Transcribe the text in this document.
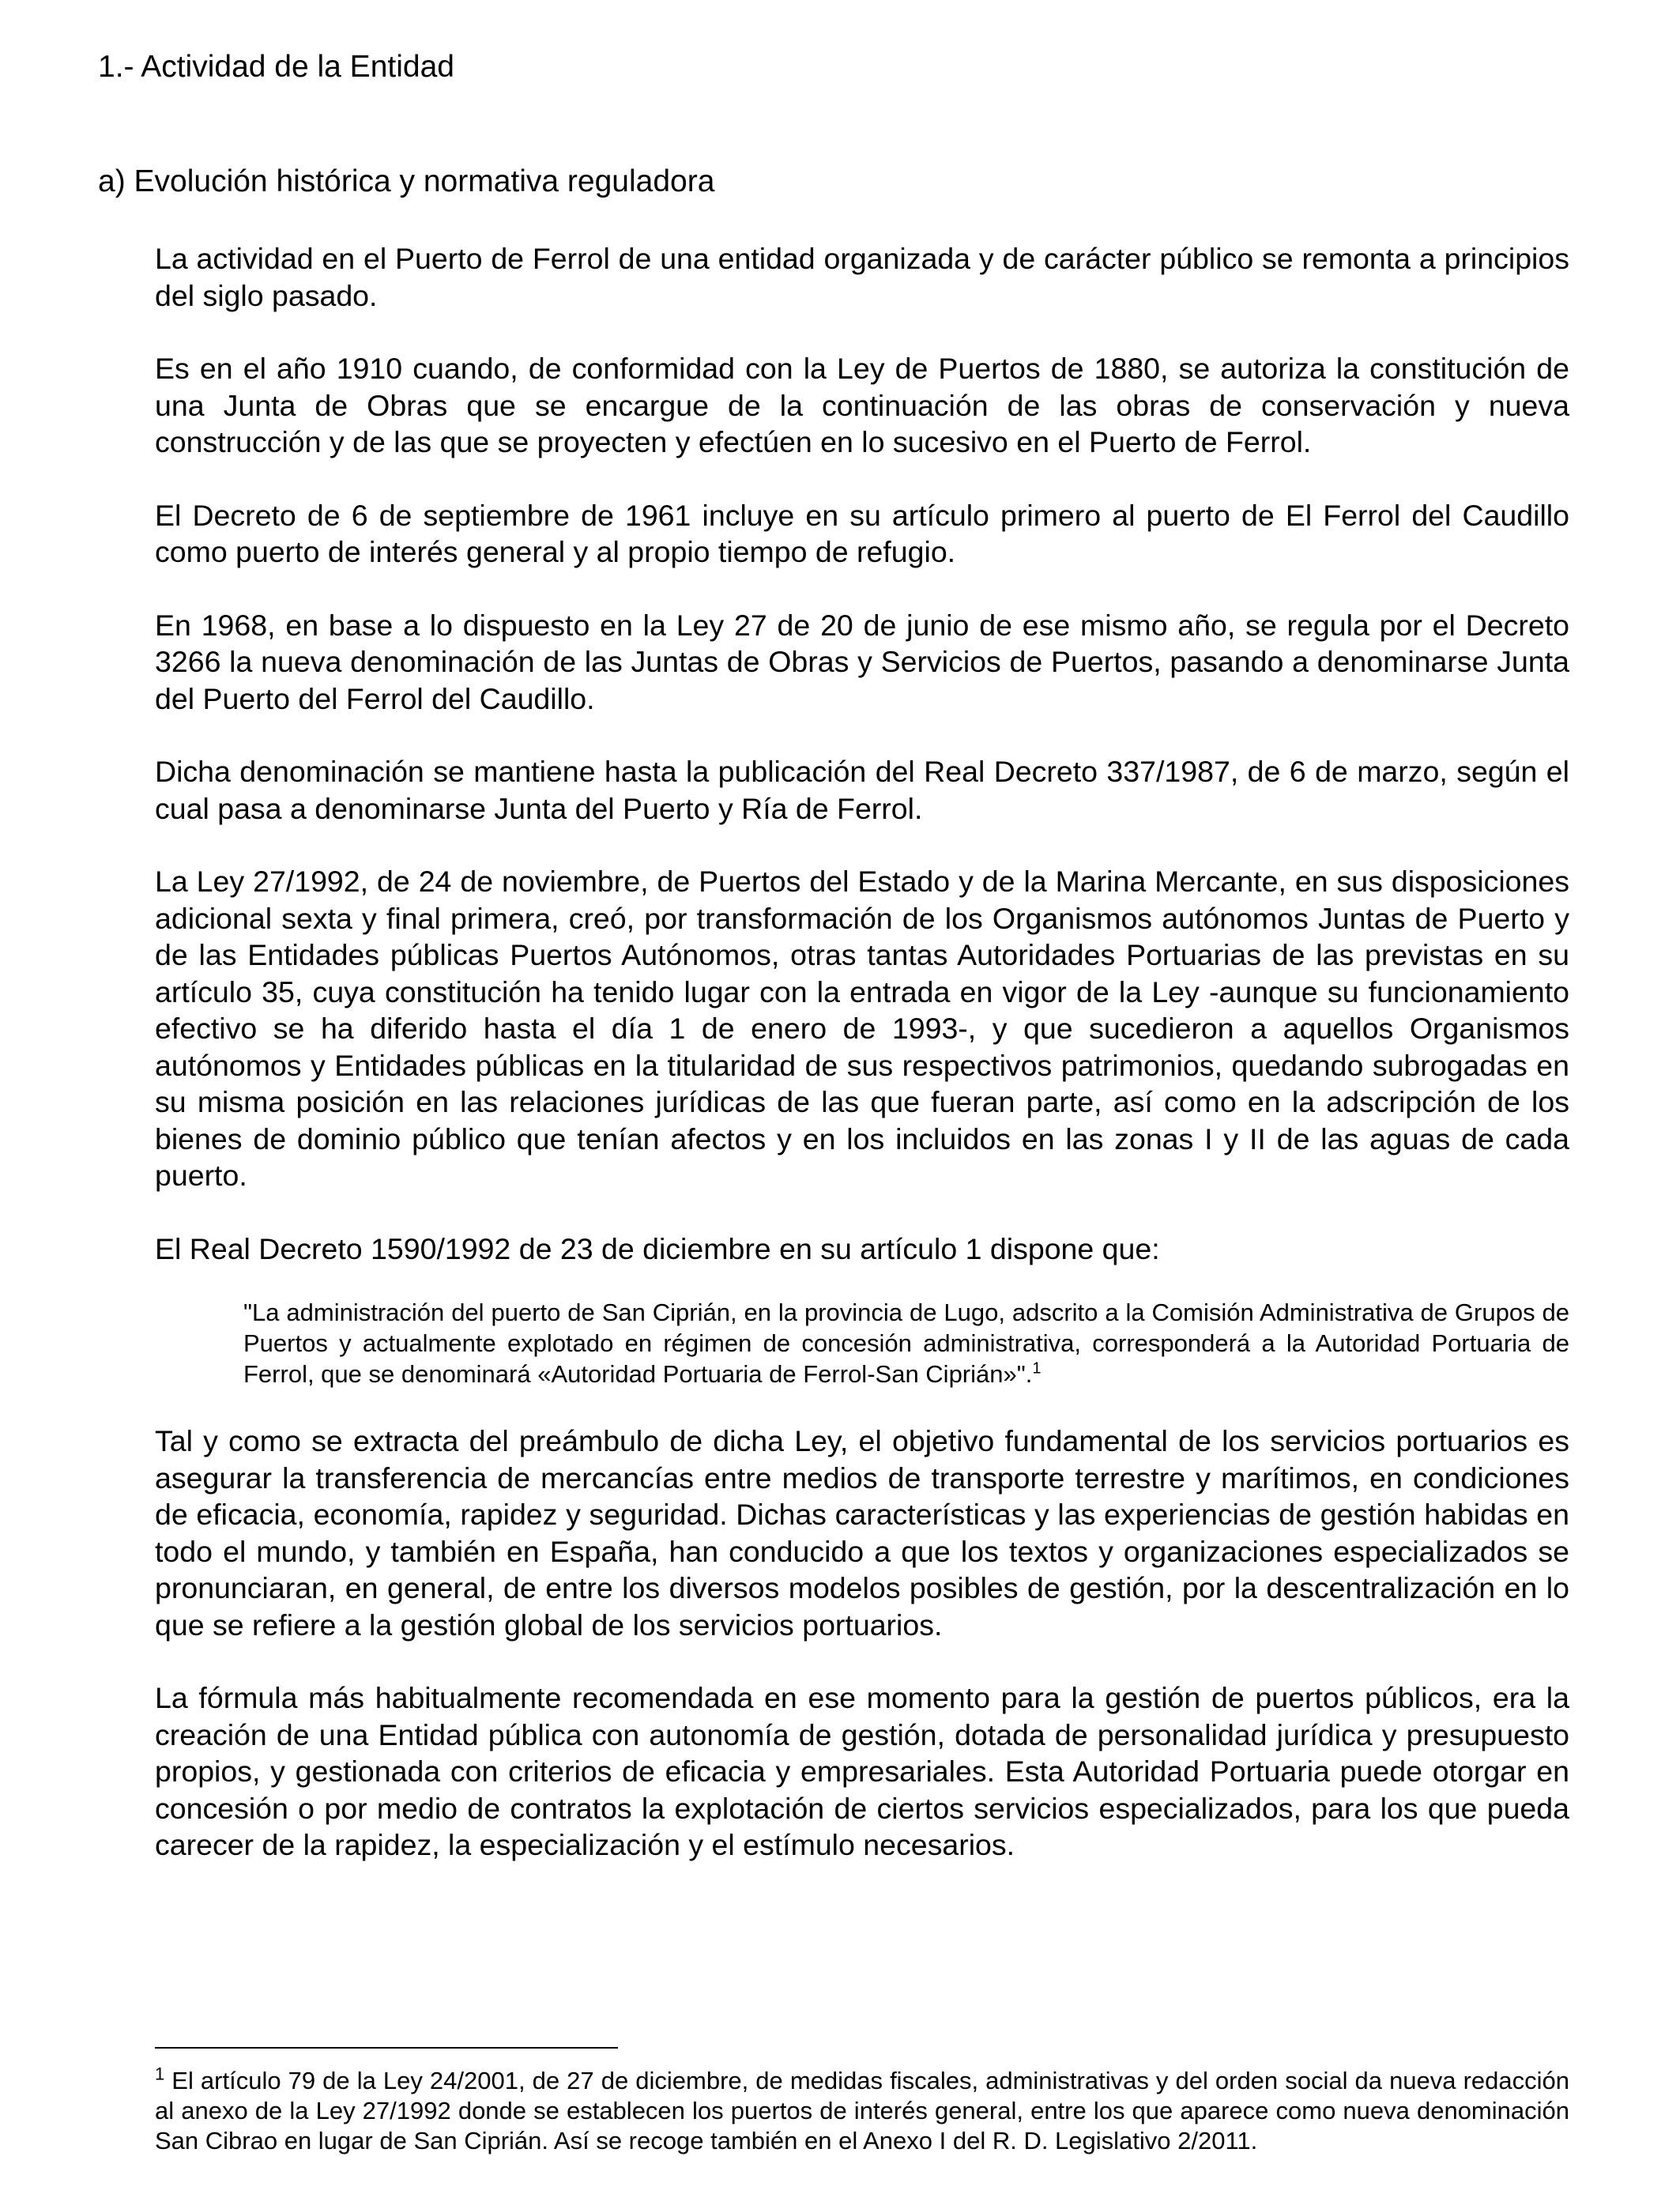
1.- Actividad de la Entidad
a) Evolución histórica y normativa reguladora

La actividad en el Puerto de Ferrol de una entidad organizada y de carácter público se remonta a principios del siglo pasado.

Es en el año 1910 cuando, de conformidad con la Ley de Puertos de 1880, se autoriza la constitución de una Junta de Obras que se encargue de la continuación de las obras de conservación y nueva construcción y de las que se proyecten y efectúen en lo sucesivo en el Puerto de Ferrol.

El Decreto de 6 de septiembre de 1961 incluye en su artículo primero al puerto de El Ferrol del Caudillo como puerto de interés general y al propio tiempo de refugio.

En 1968, en base a lo dispuesto en la Ley 27 de 20 de junio de ese mismo año, se regula por el Decreto 3266 la nueva denominación de las Juntas de Obras y Servicios de Puertos, pasando a denominarse Junta del Puerto del Ferrol del Caudillo.

Dicha denominación se mantiene hasta la publicación del Real Decreto 337/1987, de 6 de marzo, según el cual pasa a denominarse Junta del Puerto y Ría de Ferrol.

La Ley 27/1992, de 24 de noviembre, de Puertos del Estado y de la Marina Mercante, en sus disposiciones adicional sexta y final primera, creó, por transformación de los Organismos autónomos Juntas de Puerto y de las Entidades públicas Puertos Autónomos, otras tantas Autoridades Portuarias de las previstas en su artículo 35, cuya constitución ha tenido lugar con la entrada en vigor de la Ley -aunque su funcionamiento efectivo se ha diferido hasta el día 1 de enero de 1993-, y que sucedieron a aquellos Organismos autónomos y Entidades públicas en la titularidad de sus respectivos patrimonios, quedando subrogadas en su misma posición en las relaciones jurídicas de las que fueran parte, así como en la adscripción de los bienes de dominio público que tenían afectos y en los incluidos en las zonas I y II de las aguas de cada puerto.

El Real Decreto 1590/1992 de 23 de diciembre en su artículo 1 dispone que:

"La administración del puerto de San Ciprián, en la provincia de Lugo, adscrito a la Comisión Administrativa de Grupos de Puertos y actualmente explotado en régimen de concesión administrativa, corresponderá a la Autoridad Portuaria de Ferrol, que se denominará «Autoridad Portuaria de Ferrol-San Ciprián»".$^1$

Tal y como se extracta del preámbulo de dicha Ley, el objetivo fundamental de los servicios portuarios es asegurar la transferencia de mercancías entre medios de transporte terrestre y marítimos, en condiciones de eficacia, economía, rapidez y seguridad. Dichas características y las experiencias de gestión habidas en todo el mundo, y también en España, han conducido a que los textos y organizaciones especializados se pronunciaran, en general, de entre los diversos modelos posibles de gestión, por la descentralización en lo que se refiere a la gestión global de los servicios portuarios.

La fórmula más habitualmente recomendada en ese momento para la gestión de puertos públicos, era la creación de una Entidad pública con autonomía de gestión, dotada de personalidad jurídica y presupuesto propios, y gestionada con criterios de eficacia y empresariales. Esta Autoridad Portuaria puede otorgar en concesión o por medio de contratos la explotación de ciertos servicios especializados, para los que pueda carecer de la rapidez, la especialización y el estímulo necesarios.

$^1$ El artículo 79 de la Ley 24/2001, de 27 de diciembre, de medidas fiscales, administrativas y del orden social da nueva redacción al anexo de la Ley 27/1992 donde se establecen los puertos de interés general, entre los que aparece como nueva denominación San Cibrao en lugar de San Ciprián. Así se recoge también en el Anexo I del R. D. Legislativo 2/2011.
